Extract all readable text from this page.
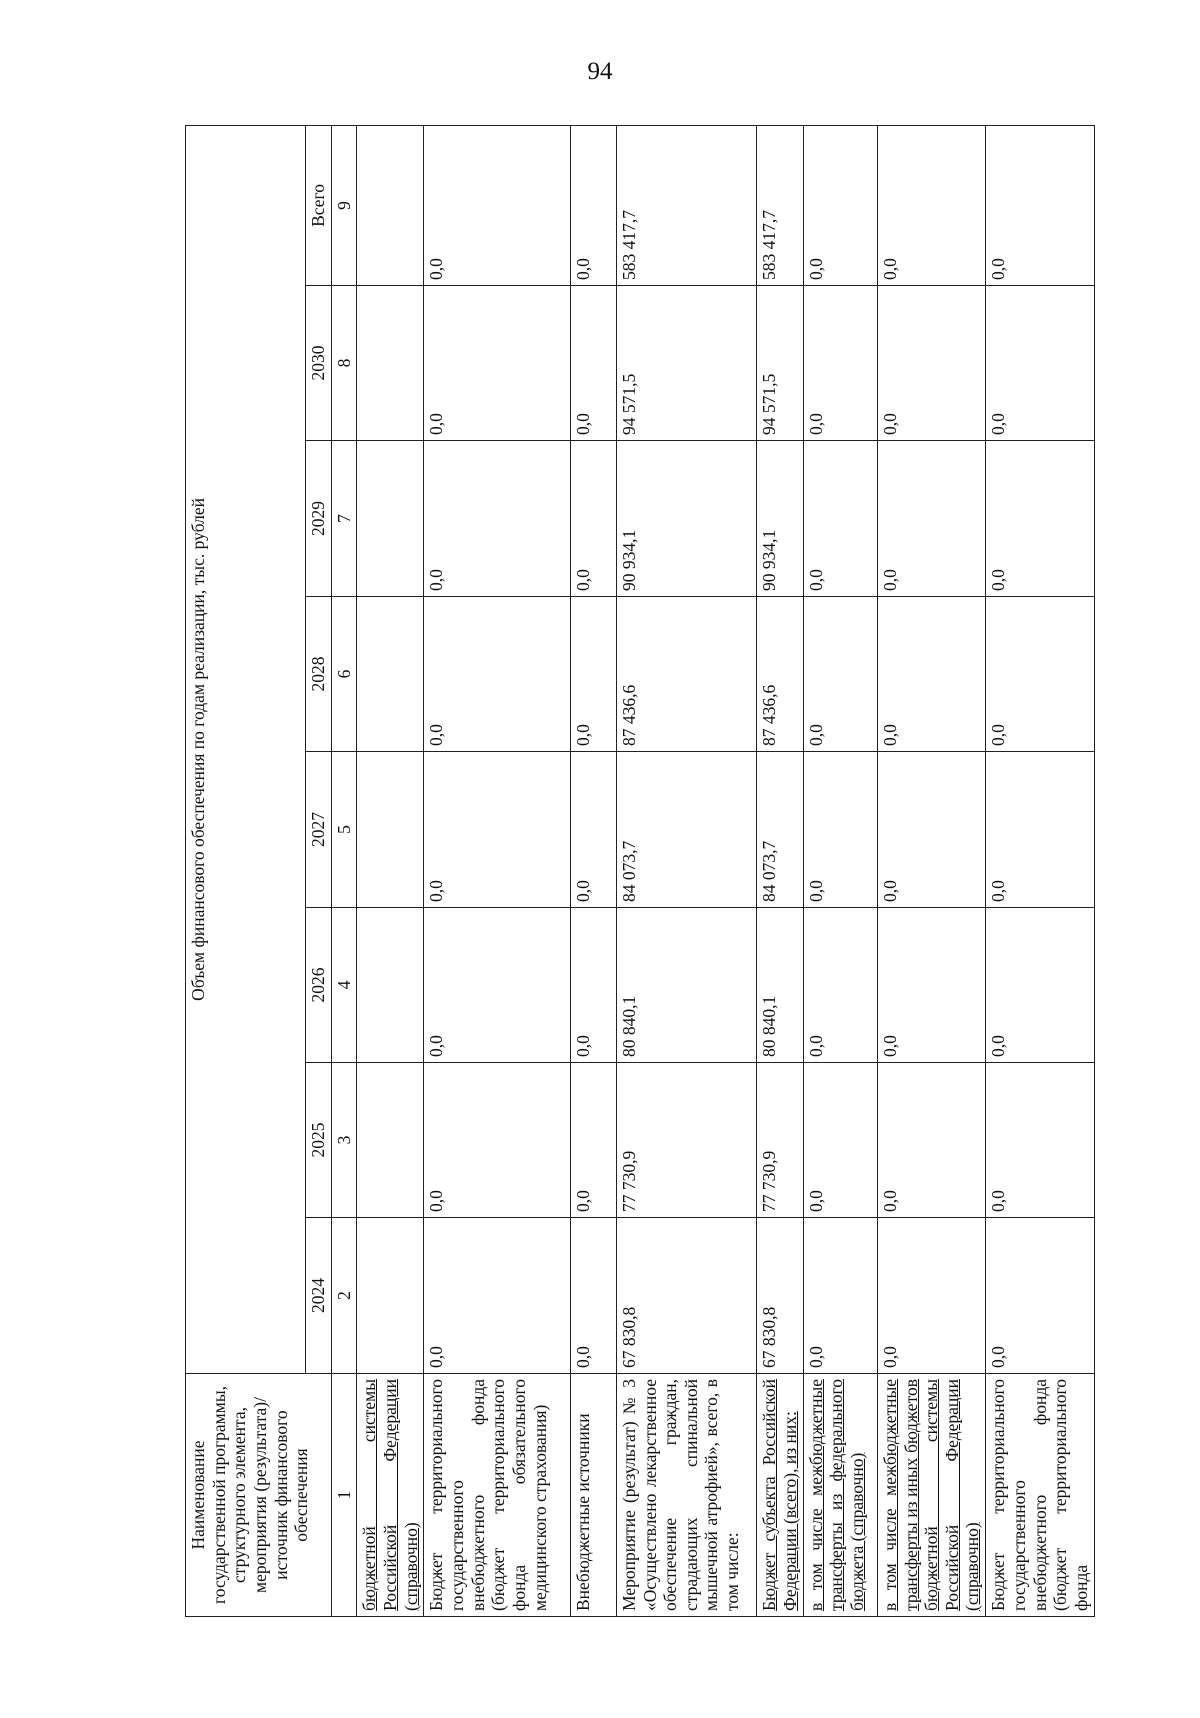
94
Наименование государственной программы, структурного элемента, мероприятия (результата)/источник финансового обеспечения	Объем финансового обеспечения по годам реализации, тыс. рублей							
	2024	2025	2026	2027	2028	2029	2030	Всего
1	2	3	4	5	6	7	8	9
бюджетной системы Российской Федерации (справочно)								
Бюджет территориального государственного внебюджетного фонда (бюджет территориального фонда обязательного медицинского страхования)	0,0	0,0	0,0	0,0	0,0	0,0	0,0	0,0
Внебюджетные источники	0,0	0,0	0,0	0,0	0,0	0,0	0,0	0,0
Мероприятие (результат) № 3 «Осуществлено лекарственное обеспечение граждан, страдающих спинальной мышечной атрофией», всего, в том числе:	67 830,8	77 730,9	80 840,1	84 073,7	87 436,6	90 934,1	94 571,5	583 417,7
Бюджет субъекта Российской Федерации (всего), из них:	67 830,8	77 730,9	80 840,1	84 073,7	87 436,6	90 934,1	94 571,5	583 417,7
в том числе межбюджетные трансферты из федерального бюджета (справочно)	0,0	0,0	0,0	0,0	0,0	0,0	0,0	0,0
в том числе межбюджетные трансферты из иных бюджетов бюджетной системы Российской Федерации (справочно)	0,0	0,0	0,0	0,0	0,0	0,0	0,0	0,0
Бюджет территориального государственного внебюджетного фонда (бюджет территориального фонда	0,0	0,0	0,0	0,0	0,0	0,0	0,0	0,0
